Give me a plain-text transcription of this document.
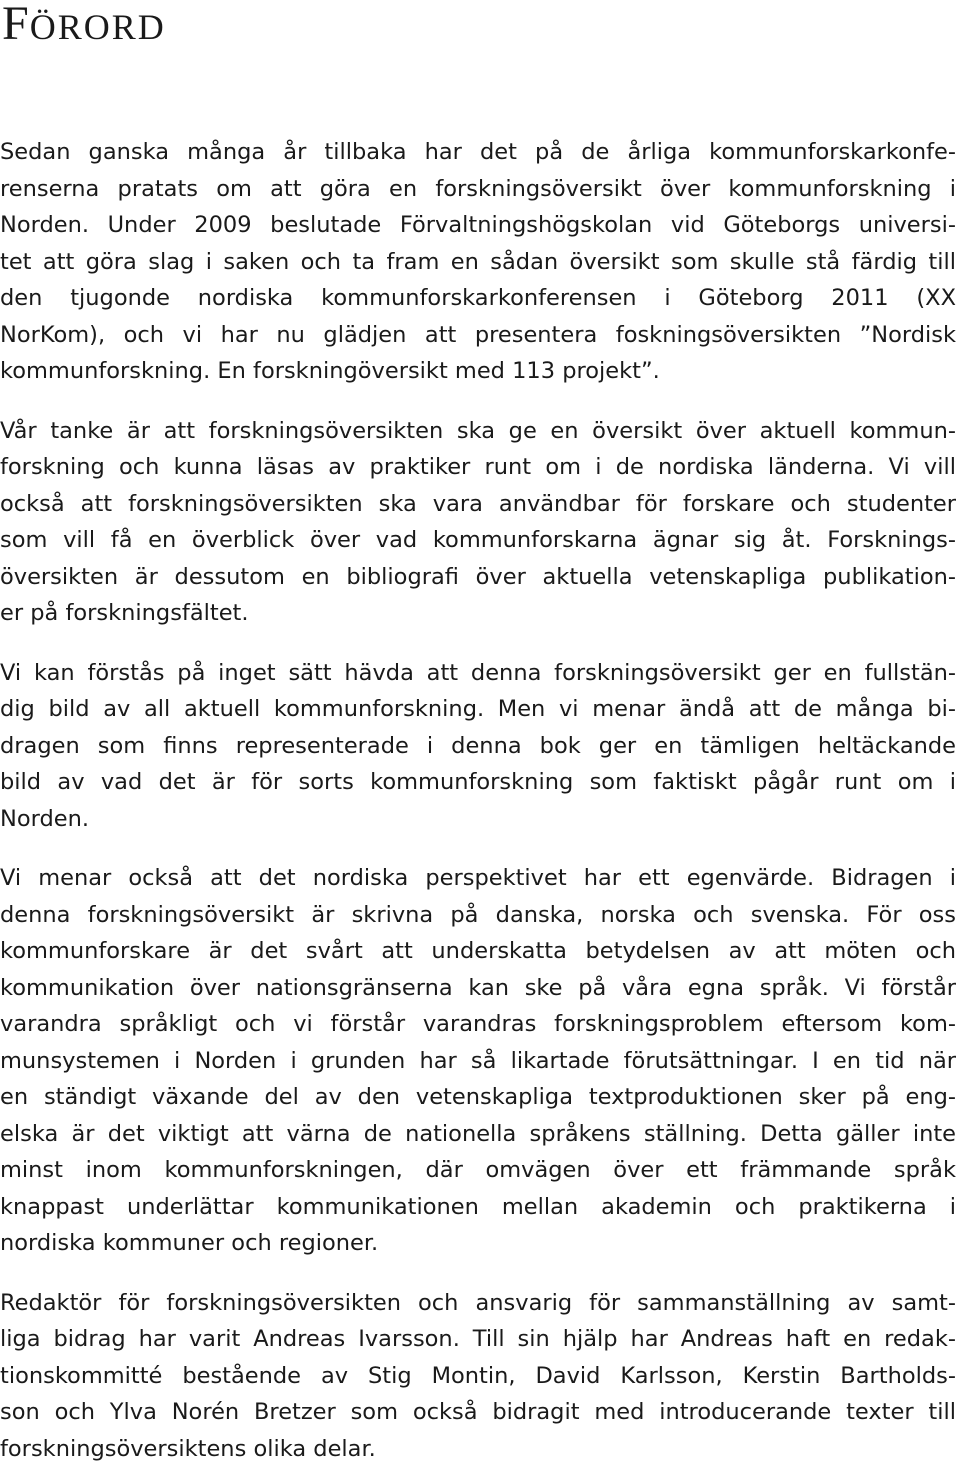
FÖRORD
Sedan ganska många år tillbaka har det på de årliga kommunforskarkonfe-
renserna pratats om att göra en forskningsöversikt över kommunforskning i
Norden. Under 2009 beslutade Förvaltningshögskolan vid Göteborgs universi-
tet att göra slag i saken och ta fram en sådan översikt som skulle stå färdig till
den tjugonde nordiska kommunforskarkonferensen i Göteborg 2011 (XX
NorKom), och vi har nu glädjen att presentera foskningsöversikten ”Nordisk
kommunforskning. En forskningöversikt med 113 projekt”.
Vår tanke är att forskningsöversikten ska ge en översikt över aktuell kommun-
forskning och kunna läsas av praktiker runt om i de nordiska länderna. Vi vill
också att forskningsöversikten ska vara användbar för forskare och studenter
som vill få en överblick över vad kommunforskarna ägnar sig åt. Forsknings-
översikten är dessutom en bibliografi över aktuella vetenskapliga publikation-
er på forskningsfältet.
Vi kan förstås på inget sätt hävda att denna forskningsöversikt ger en fullstän-
dig bild av all aktuell kommunforskning. Men vi menar ändå att de många bi-
dragen som finns representerade i denna bok ger en tämligen heltäckande
bild av vad det är för sorts kommunforskning som faktiskt pågår runt om i
Norden.
Vi menar också att det nordiska perspektivet har ett egenvärde. Bidragen i
denna forskningsöversikt är skrivna på danska, norska och svenska. För oss
kommunforskare är det svårt att underskatta betydelsen av att möten och
kommunikation över nationsgränserna kan ske på våra egna språk. Vi förstår
varandra språkligt och vi förstår varandras forskningsproblem eftersom kom-
munsystemen i Norden i grunden har så likartade förutsättningar. I en tid när
en ständigt växande del av den vetenskapliga textproduktionen sker på eng-
elska är det viktigt att värna de nationella språkens ställning. Detta gäller inte
minst inom kommunforskningen, där omvägen över ett främmande språk
knappast underlättar kommunikationen mellan akademin och praktikerna i
nordiska kommuner och regioner.
Redaktör för forskningsöversikten och ansvarig för sammanställning av samt-
liga bidrag har varit Andreas Ivarsson. Till sin hjälp har Andreas haft en redak-
tionskommitté bestående av Stig Montin, David Karlsson, Kerstin Bartholds-
son och Ylva Norén Bretzer som också bidragit med introducerande texter till
forskningsöversiktens olika delar.
